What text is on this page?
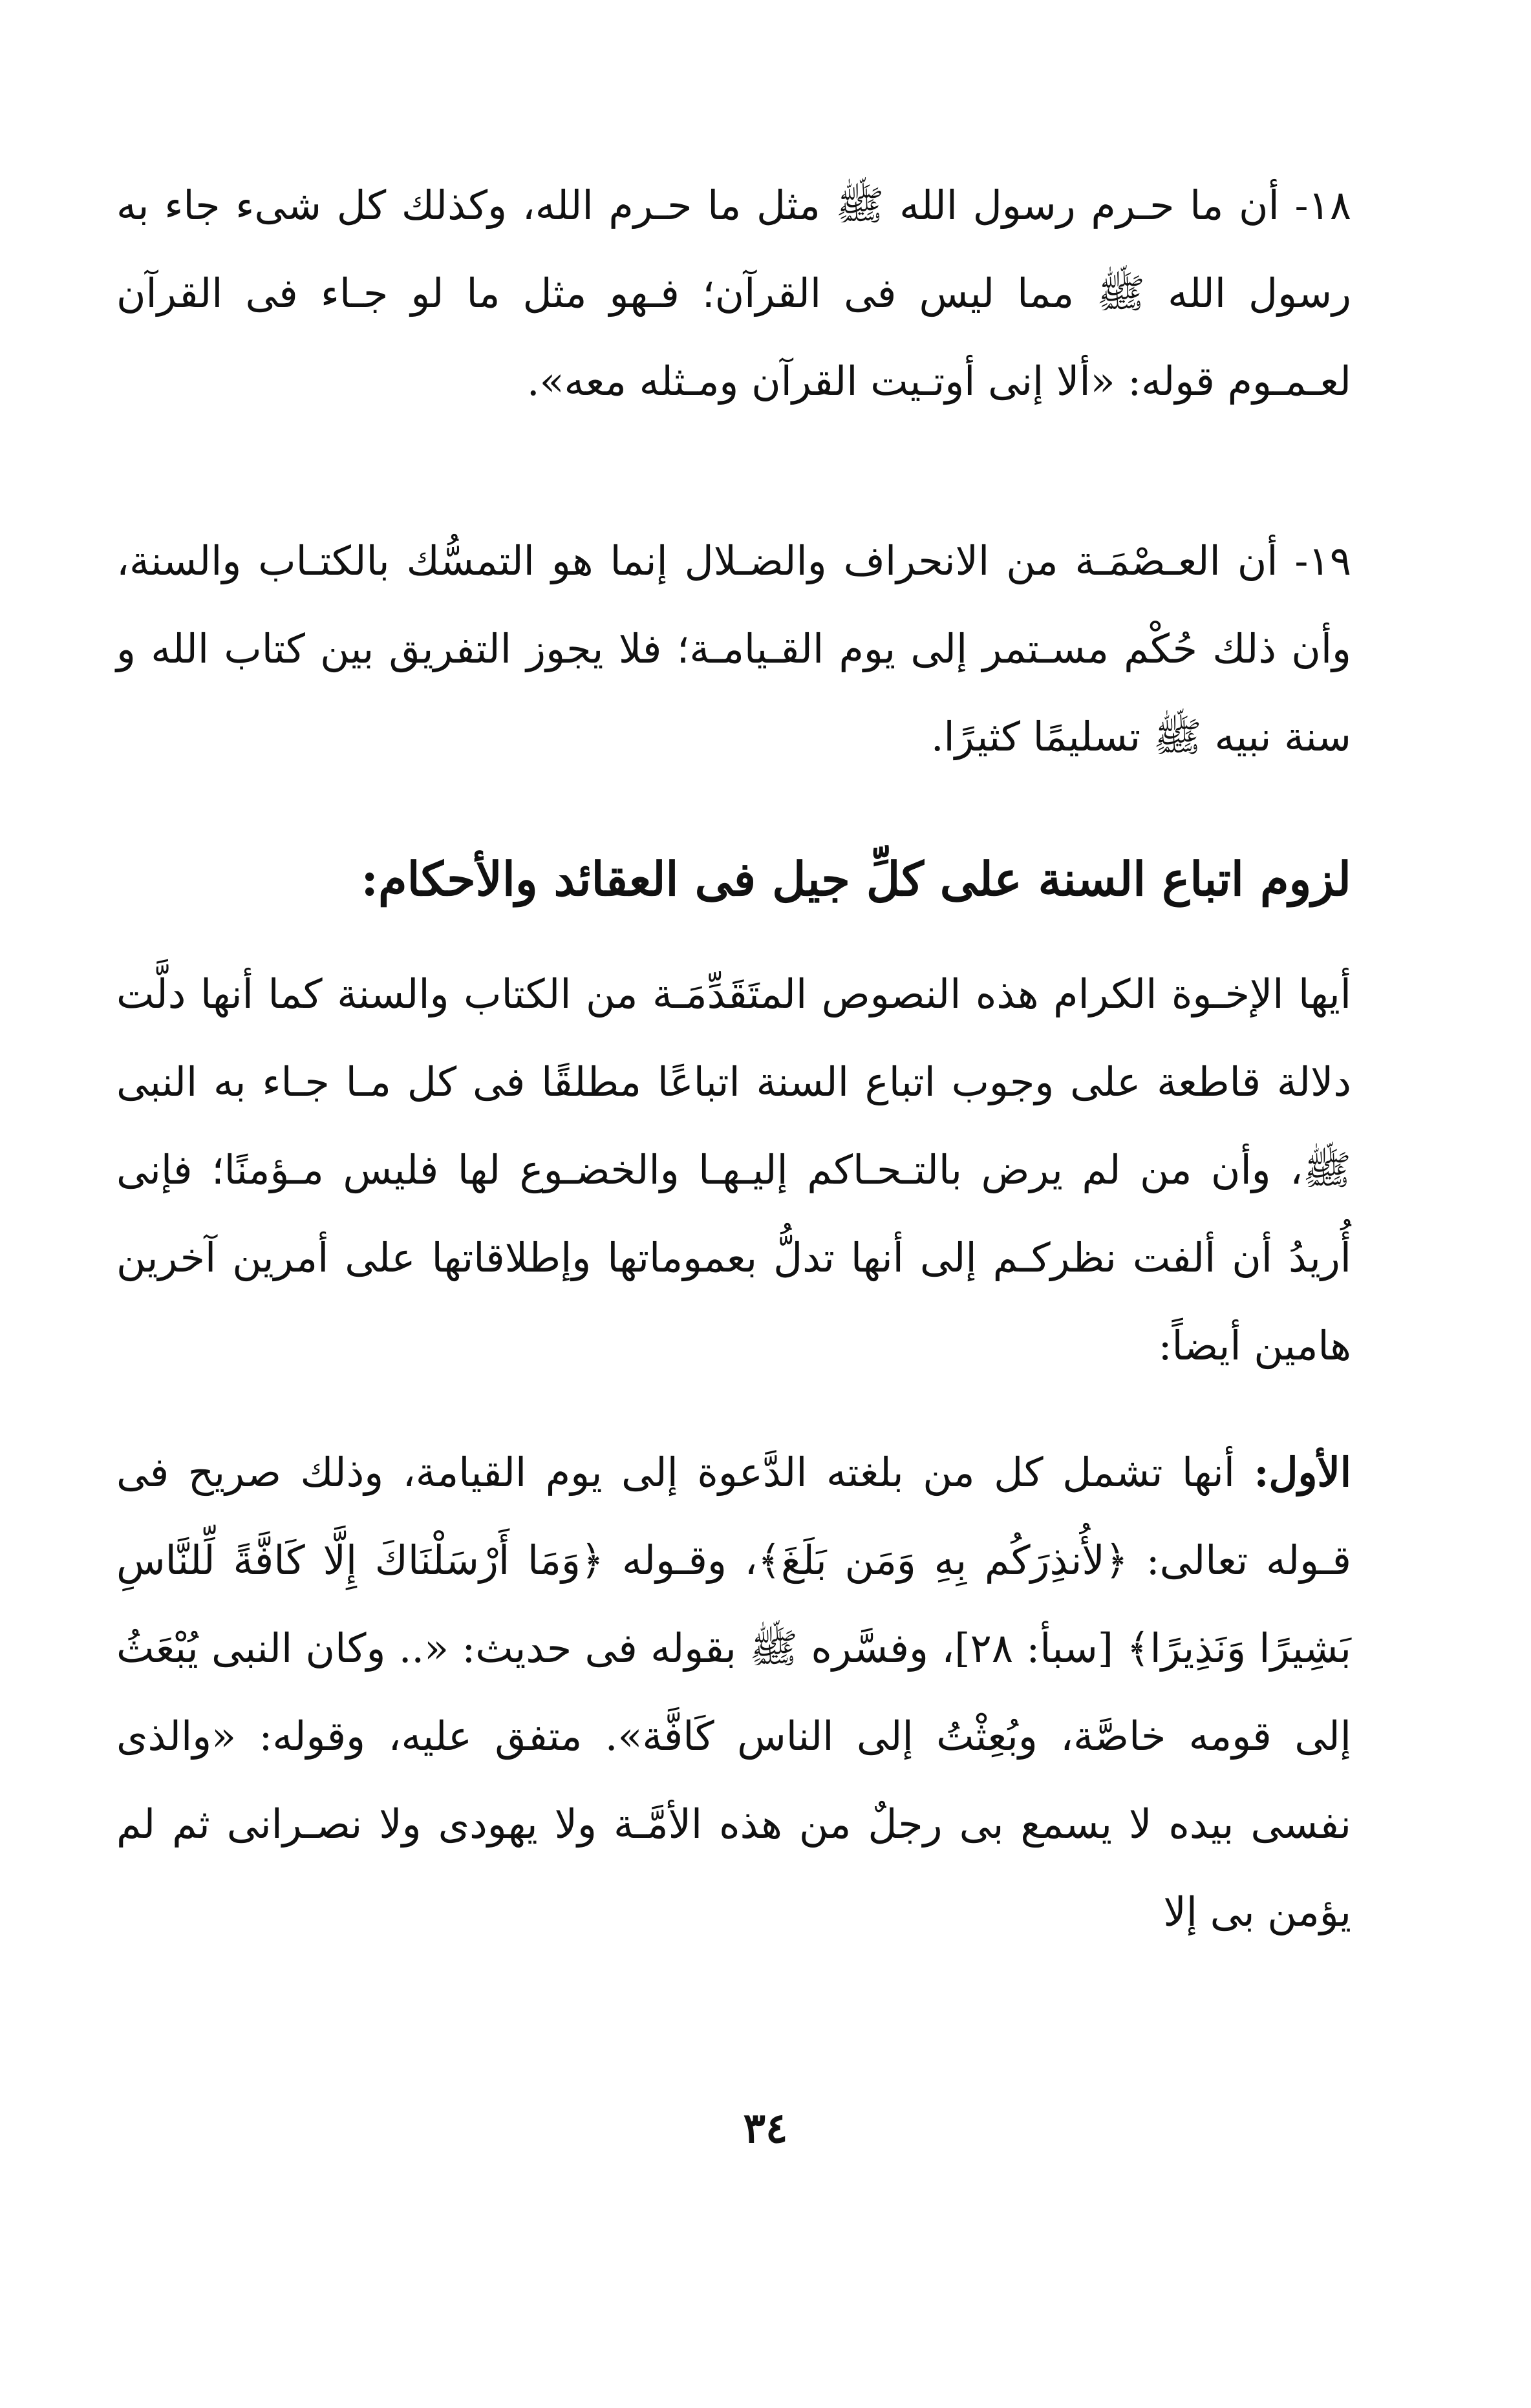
١٨- أن ما حـرم رسول الله ﷺ مثل ما حـرم الله، وكذلك كل شىء جاء به رسول الله ﷺ مما ليس فى القرآن؛ فـهو مثل ما لو جـاء فى القرآن لعـمـوم قوله: «ألا إنى أوتـيت القرآن ومـثله معه».

١٩- أن العـصْمَـة من الانحراف والضـلال إنما هو التمسُّك بالكتـاب والسنة، وأن ذلك حُكْم مسـتمر إلى يوم القـيامـة؛ فلا يجوز التفريق بين كتاب الله و سنة نبيه ﷺ تسليمًا كثيرًا.

لزوم اتباع السنة على كلِّ جيل فى العقائد والأحكام:

أيها الإخـوة الكرام هذه النصوص المتَقَدِّمَـة من الكتاب والسنة كما أنها دلَّت دلالة قاطعة على وجوب اتباع السنة اتباعًا مطلقًا فى كل مـا جـاء به النبى ﷺ، وأن من لم يرض بالتـحـاكم إليـهـا والخضـوع لها فليس مـؤمنًا؛ فإنى أُريدُ أن ألفت نظركـم إلى أنها تدلُّ بعموماتها وإطلاقاتها على أمرين آخرين هامين أيضاً:

الأول: أنها تشمل كل من بلغته الدَّعوة إلى يوم القيامة، وذلك صريح فى قـوله تعالى: ﴿لأُنذِرَكُم بِهِ وَمَن بَلَغَ﴾، وقـوله ﴿وَمَا أَرْسَلْنَاكَ إِلَّا كَافَّةً لِّلنَّاسِ بَشِيرًا وَنَذِيرًا﴾ [سبأ: ٢٨]، وفسَّره ﷺ بقوله فى حديث: «.. وكان النبى يُبْعَثُ إلى قومه خاصَّة، وبُعِثْتُ إلى الناس كَافَّة». متفق عليه، وقوله: «والذى نفسى بيده لا يسمع بى رجلٌ من هذه الأمَّـة ولا يهودى ولا نصـرانى ثم لم يؤمن بى إلا

٣٤
